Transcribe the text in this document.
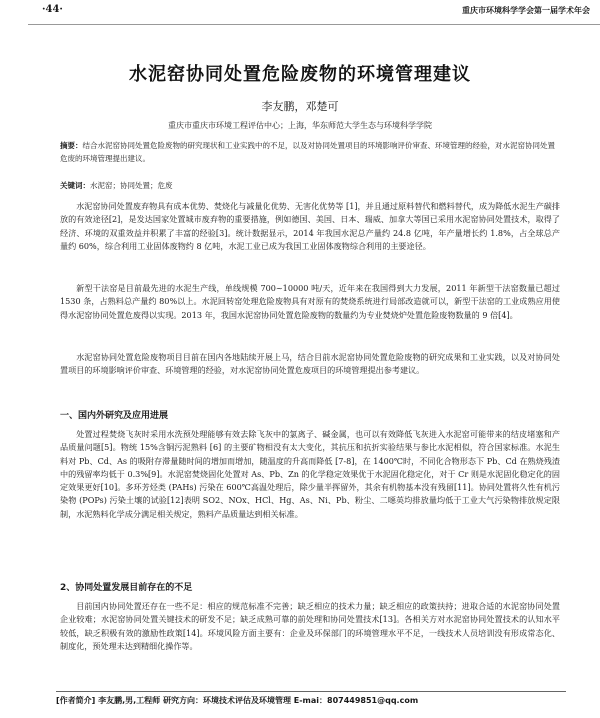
·44·	重庆市环境科学学会第一届学术年会
水泥窑协同处置危险废物的环境管理建议
李友鹏，邓楚可
重庆市重庆市环境工程评估中心；上海，华东师范大学生态与环境科学学院
摘要：结合水泥窑协同处置危险废物的研究现状和工业实践中的不足，以及对协同处置项目的环境影响评价审查、环境管理的经验，对水泥窑协同处置危废的环境管理提出建议。
关键词：水泥窑；协同处置；危废

水泥窑协同处置废弃物具有成本优势、焚烧化与减量化优势、无害化优势等 [1]，并且通过原料替代和燃料替代，成为降低水泥生产碳排放的有效途径[2]，是发达国家处置城市废弃物的重要措施，例如德国、美国、日本、瑞威、加拿大等国已采用水泥窑协同处置技术，取得了经济、环境的双重效益并积累了丰富的经验[3]。统计数据显示，2014 年我国水泥总产量约 24.8 亿吨，年产量增长约 1.8%，占全球总产量约 60%，综合利用工业固体废物约 8 亿吨，水泥工业已成为我国工业固体废物综合利用的主要途径。

新型干法窑是目前最先进的水泥生产线，单线规模 700~10000 吨/天，近年来在我国得到大力发展，2011 年新型干法窑数量已超过 1530 条，占熟料总产量约 80%以上。水泥回转窑处理危险废物具有对原有的焚烧系统进行局部改造就可以，新型干法窑的工业成熟应用使得水泥窑协同处置危废得以实现。2013 年，我国水泥窑协同处置危险废物的数量约为专业焚烧炉处置危险废物数量的 9 倍[4]。

水泥窑协同处置危险废物项目目前在国内各地陆续开展上马，结合目前水泥窑协同处置危险废物的研究成果和工业实践，以及对协同处置项目的环境影响评价审查、环境管理的经验，对水泥窑协同处置危废项目的环境管理提出参考建议。

一、国内外研究及应用进展

处置过程焚烧飞灰时采用水洗预处理能够有效去除飞灰中的氯离子、碱金属，也可以有效降低飞灰进入水泥窑可能带来的结皮堵塞和产品质量问题[5]。物统 15%含铜污泥熟料 [6] 的主要矿物相没有太大变化，其抗压和抗折实验结果与参比水泥相似，符合国家标准。水泥生料对 Pb、Cd、As 的吸附存滞量随时间的增加而增加，随温度的升高而降低 [7-8]，在 1400℃时，不同化合物形态下 Pb、Cd 在熟烧残渣中的残留率均低于 0.3%[9]。水泥窑焚烧固化处置对 As、Pb、Zn 的化学稳定效果优于水泥固化稳定化，对于 Cr 则是水泥固化稳定化的固定效果更好[10]。多环芳烃类 (PAHs) 污染在 600℃高温处理后，除少量半挥留外，其余有机物基本没有残留[11]。协同处置将久性有机污染物 (POPs) 污染土壤的试验[12]表明 SO2、NOx、HCl、Hg、As、Ni、Pb、粉尘、二噁英均排放量均低于工业大气污染物排放规定限制，水泥熟料化学成分满足相关规定，熟料产品质量达到相关标准。

2、协同处置发展目前存在的不足

目前国内协同处置还存在一些不足：相应的规范标准不完善；缺乏相应的技术力量；缺乏相应的政策扶持；进取合适的水泥窑协同处置企业较难；水泥窑协同处置关键技术的研发不足；缺乏成熟可靠的前处理和协同处置技术[13]。各相关方对水泥窑协同处置技术的认知水平较低，缺乏积极有效的激励性政策[14]。环境风险方面主要有：企业及环保部门的环境管理水平不足，一线技术人员培训没有形成常态化、制度化，预处理未达到精细化操作等。

[作者简介] 李友鹏,男,工程师 研究方向：环境技术评估及环境管理 E-mai：807449851@qq.com
